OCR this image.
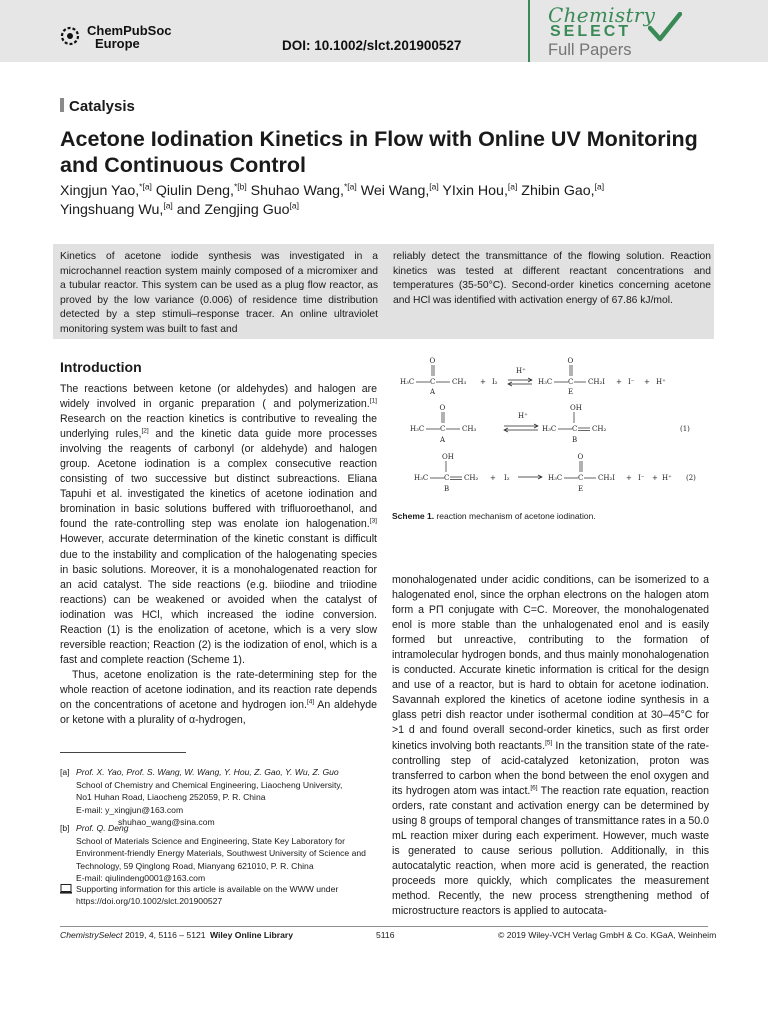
ChemPubSoc
Europe	DOI: 10.1002/slct.201900527
Chemistry
SELECT
Full Papers
Catalysis
Acetone Iodination Kinetics in Flow with Online UV Monitoring and Continuous Control
Xingjun Yao,$^{*[a]}$ Qiulin Deng,$^{*[b]}$ Shuhao Wang,$^{*[a]}$ Wei Wang,[a] YIxin Hou,[a] Zhibin Gao,[a]
Yingshuang Wu,[a] and Zengjing Guo[a]

Kinetics of acetone iodide synthesis was investigated in a microchannel reaction system mainly composed of a micromixer and a tubular reactor. This system can be used as a plug flow reactor, as proved by the low variance (0.006) of residence time distribution detected by a step stimuli–response tracer. An online ultraviolet monitoring system was built to fast and

reliably detect the transmittance of the flowing solution. Reaction kinetics was tested at different reactant concentrations and temperatures (35-50°C). Second-order kinetics concerning acetone and HCl was identified with activation energy of 67.86 kJ/mol.

Introduction

The reactions between ketone (or aldehydes) and halogen are widely involved in organic preparation ( and polymerization.[1] Research on the reaction kinetics is contributive to revealing the underlying rules,[2] and the kinetic data guide more processes involving the reagents of carbonyl (or aldehyde) and halogen group. Acetone iodination is a complex consecutive reaction consisting of two successive but distinct subreactions. Eliana Tapuhi et al. investigated the kinetics of acetone iodination and bromination in basic solutions buffered with trifluoroethanol, and found the rate-controlling step was enolate ion halogenation.[3] However, accurate determination of the kinetic constant is difficult due to the instability and complication of the halogenating species in basic solutions. Moreover, it is a monohalogenated reaction for an acid catalyst. The side reactions (e.g. biiodine and triiodine reactions) can be weakened or avoided when the catalyst of iodination was HCl, which increased the iodine conversion. Reaction (1) is the enolization of acetone, which is a very slow reversible reaction; Reaction (2) is the iodization of enol, which is a fast and complete reaction (Scheme 1).

Thus, acetone enolization is the rate-determining step for the whole reaction of acetone iodination, and its reaction rate depends on the concentrations of acetone and hydrogen ion.[4] An aldehyde or ketone with a plurality of α-hydrogen,

H₃C C CH₃
O
A
+ I₂
H⁺
H₃C C CH₂I
O
E
+ I⁻ + H⁺
H₃C C CH₃
O
A
H⁺
H₃C C CH₂
OH
B
(1)
H₃C C CH₂
OH
B
+ I₂	H₃C C CH₂I
O
E
+ I⁻ + H⁺ (2)
Scheme 1. reaction mechanism of acetone iodination.

monohalogenated under acidic conditions, can be isomerized to a halogenated enol, since the orphan electrons on the halogen atom form a PΠ conjugate with C=C. Moreover, the monohalogenated enol is more stable than the unhalogenated enol and is easily formed but unreactive, contributing to the formation of intramolecular hydrogen bonds, and thus mainly monohalogenation is conducted. Accurate kinetic information is critical for the design and use of a reactor, but is hard to obtain for acetone iodination. Savannah explored the kinetics of acetone iodine synthesis in a glass petri dish reactor under isothermal condition at 30–45°C for >1 d and found overall second-order kinetics, such as first order kinetics involving both reactants.[5] In the transition state of the rate-controlling step of acid-catalyzed ketonization, proton was transferred to carbon when the bond between the enol oxygen and its hydrogen atom was intact.[6] The reaction rate equation, reaction orders, rate constant and activation energy can be determined by using 8 groups of temporal changes of transmittance rates in a 50.0 mL reaction mixer during each experiment. However, much waste is generated to cause serious pollution. Additionally, in this autocatalytic reaction, when more acid is generated, the reaction proceeds more quickly, which complicates the measurement method. Recently, the new process strengthening method of microstructure reactors is applied to autocata-

[a] Prof. X. Yao, Prof. S. Wang, W. Wang, Y. Hou, Z. Gao, Y. Wu, Z. Guo
School of Chemistry and Chemical Engineering, Liaocheng University,
No1 Huhan Road, Liaocheng 252059, P. R. China
E-mail: y_xingjun@163.com
shuhao_wang@sina.com
[b] Prof. Q. Deng
School of Materials Science and Engineering, State Key Laboratory for Environment-friendly Energy Materials, Southwest University of Science and Technology, 59 Qinglong Road, Mianyang 621010, P. R. China
E-mail: qiulindeng0001@163.com
Supporting information for this article is available on the WWW under https://doi.org/10.1002/slct.201900527
ChemistrySelect 2019, 4, 5116 – 5121 Wiley Online Library	5116	© 2019 Wiley-VCH Verlag GmbH & Co. KGaA, Weinheim
